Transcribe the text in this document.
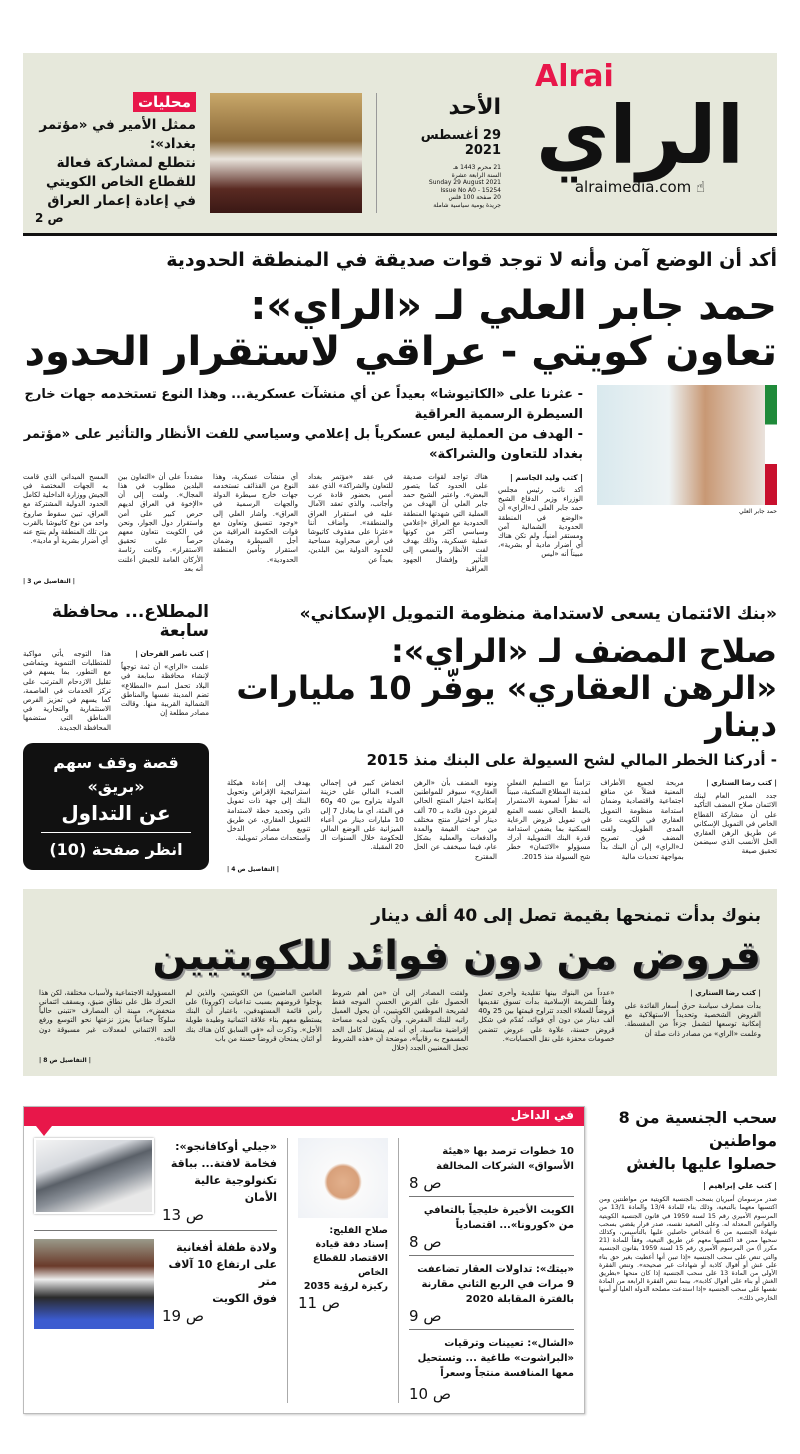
Alrai
الراي
alraimedia.com ☝
الأحد
29 أغسطس 2021
21 محرم 1443 هـ
السنة الرابعة عشرة
Sunday 29 August 2021
Issue No A0 - 15254
20 صفحة 100 فلس
جريدة يومية سياسية شاملة
محليات
ممثل الأمير في «مؤتمر بغداد»:
نتطلع لمشاركة فعالة
للقطاع الخاص الكويتي
في إعادة إعمار العراق
ص 2
أكد أن الوضع آمن وأنه لا توجد قوات صديقة في المنطقة الحدودية
حمد جابر العلي لـ «الراي»:
تعاون كويتي - عراقي لاستقرار الحدود
حمد جابر العلي
- عثرنا على «الكاتيوشا» بعيداً عن أي منشآت عسكرية... وهذا النوع تستخدمه جهات خارج السيطرة الرسمية العراقية
- الهدف من العملية ليس عسكرياً بل إعلامي وسياسي للفت الأنظار والتأثير على «مؤتمر بغداد للتعاون والشراكة»
| كتب وليد الجاسم |
أكد نائب رئيس مجلس الوزراء وزير الدفاع الشيخ حمد جابر العلي لـ«الراي» أن «الوضع في المنطقة الحدودية الشمالية آمن ومستقر أمنياً، ولم تكن هناك أي أضرار مادية أو بشرية»، مبيناً أنه «ليس
هناك تواجد لقوات صديقة على الحدود كما يتصور البعض». واعتبر الشيخ حمد جابر العلي أن الهدف من العملية التي شهدتها المنطقة الحدودية مع العراق «إعلامي وسياسي أكثر من كونها عملية عسكرية، وذلك بهدف لفت الأنظار والسعي إلى التأثير وإفشال الجهود العراقية
في عقد «مؤتمر بغداد للتعاون والشراكة» الذي عقد أمس بحضور قادة عرب وأجانب، والذي تعقد الآمال عليه في استقرار العراق والمنطقة». وأضاف أننا «عثرنا على مقذوف كاتيوشا في أرض صحراوية مساحية للحدود الدولية بين البلدين، بعيداً عن
أي منشآت عسكرية، وهذا النوع من القذائف تستخدمه جهات خارج سيطرة الدولة والجهات الرسمية في العراق». وأشار العلي إلى «وجود تنسيق وتعاون مع قوات الحكومة العراقية من أجل السيطرة وضمان استقرار وتأمين المنطقة الحدودية».
مشدداً على أن «التعاون بين البلدين مطلوب في هذا المجال». ولفت إلى أن «الإخوة في العراق لديهم حرص كبير على أمن واستقرار دول الجوار، ونحن في الكويت نتعاون معهم حرصاً على تحقيق الاستقرار». وكانت رئاسة الأركان العامة للجيش أعلنت أنه بعد
المسح الميداني الذي قامت به الجهات المختصة في الجيش ووزارة الداخلية لكامل الحدود الدولية المشتركة مع العراق، تبين سقوط صاروخ واحد من نوع كاتيوشا بالقرب من تلك المنطقة ولم ينتج عنه أي أضرار بشرية أو مادية».
| التفاصيل ص 3 |
«بنك الائتمان يسعى لاستدامة منظومة التمويل الإسكاني»
صلاح المضف لـ «الراي»:
«الرهن العقاري» يوفّر 10 مليارات دينار
- أدركنا الخطر المالي لشح السيولة على البنك منذ 2015
| كتب رضا السناري |
جدد المدير العام لبنك الائتمان صلاح المضف التأكيد على أن مشاركة القطاع الخاص في التمويل الإسكاني عن طريق الرهن العقاري الحل الأنسب الذي سيضمن تحقيق صيغة
مربحة لجميع الأطراف المعنية فضلاً عن منافع اجتماعية واقتصادية وضمان استدامة منظومة التمويل العقاري في الكويت على المدى الطويل. ولفت المضف في تصريح لـ«الراي» إلى أن البنك بدأ بمواجهة تحديات مالية
تزامناً مع التسليم الفعلي لمدينة المطلاع السكنية، مبيناً أنه نظراً لصعوبة الاستمرار بالنمط الحالي نفسه المتبع في تمويل قروض الرعاية السكنية بما يضمن استدامة قدرة البنك التمويلية أدرك مسؤولو «الائتمان» خطر شح السيولة منذ 2015.
ونوه المضف بأن «الرهن العقاري» سيوفر للمواطنين إمكانية اختيار المنتج الحالي لقرض دون فائدة بـ 70 ألف دينار أو اختيار منتج مختلف من حيث القيمة والمدة والدفعات والعملية بشكل عام، فيما سيخفف عن الحل المقترح
انخفاض كبير في إجمالي العبء المالي على خزينة الدولة يتراوح بين 40 و60 في المئة، أي ما يعادل 7 إلى 10 مليارات دينار من أعباء الميزانية على الوضع المالي للحكومة خلال السنوات الـ 20 المقبلة.
يهدف إلى إعادة هيكلة استراتيجية الإقراض وتحويل البنك إلى جهة ذات تمويل ذاتي وتحديد خطة لاستدامة التمويل العقاري، عن طريق تنويع مصادر الدخل واستحداث مصادر تمويلية.
| التفاصيل ص 4 |
المطلاع... محافظة سابعة
| كتب ناصر الفرحان |
علمت «الراي» أن ثمة توجهاً لإنشاء محافظة سابعة في البلاد تحمل اسم «المطلاع» تضم المدينة نفسها والمناطق الشمالية القريبة منها. وقالت مصادر مطلعة إن
هذا التوجه يأتي مواكبة للمتطلبات التنموية ويتماشى مع التطور، بما يسهم في تقليل الازدحام المترتب على تركز الخدمات في العاصمة، كما يسهم في تعزيز الفرص الاستثمارية والتجارية في المناطق التي ستضمها المحافظة الجديدة.
قصة وقف سهم «بريق»
عن التداول
انظر صفحة (10)
بنوك بدأت تمنحها بقيمة تصل إلى 40 ألف دينار
قروض من دون فوائد للكويتيين
| كتب رضا السناري |
بدأت مصارف سياسة حرق أسعار الفائدة على القروض الشخصية وتحديداً الاستهلاكية مع إمكانية توسعها لتشمل جزءاً من المقسطة. وعلمت «الراي» من مصادر ذات صلة أن
«عدداً من البنوك بينها تقليدية وأخرى تعمل وفقاً للشريعة الإسلامية بدأت تسوق تقديمها قروضاً للعملاء الجدد تتراوح قيمتها بين 25 و40 ألف دينار من دون أي فوائد، تُقدّم في شكل قروض حسنة، علاوة على عروض تتضمن خصومات محفزة على نقل الحسابات».
ولفتت المصادر إلى أن «من أهم شروط الحصول على القرض الحسن الموجه فقط لشريحة الموظفين الكويتيين، أن يحول العميل راتبه للبنك المقرض، وأن يكون لديه مساحة إقراضية مناسبة، أي أنه لم يستغل كامل الحد المسموح به رقابياً»، موضحة أن «هذه الشروط تجعل المعنيين الجدد (خلال
العامين الماضيين) من الكويتيين، والذين لم يؤجلوا قروضهم بسبب تداعيات (كورونا) على رأس قائمة المستهدفين، باعتبار أن البنك يستطيع معهم بناء علاقة ائتمانية وطيدة طويلة الأجل». وذكرت أنه «في السابق كان هناك بنك أو اثنان يمنحان قروضاً حسنة من باب
المسؤولية الاجتماعية ولأسباب مختلفة، لكن هذا التحرك ظل على نطاق ضيق، وبسقف ائتماني منخفض»، مبينة أن المصارف «تتبنى حالياً سلوكاً جماعياً يعزز نزعتها نحو التوسع ورفع الحد الائتماني لمعدلات غير مسبوقة دون فائدة».
| التفاصيل ص 8 |
سحب الجنسية من 8 مواطنين
حصلوا عليها بالغش
| كتب علي إبراهيم |
صدر مرسومان أميريان بسحب الجنسية الكويتية من مواطنتين ومن اكتسبها معهما بالتبعية، وذلك بناء للمادة 13/4 والمادة 13/1 من المرسوم الأميري رقم 15 لسنة 1959 في قانون الجنسية الكويتية والقوانين المعدلة له. وعلى الصعيد نفسه، صدر قرار يقضي بسحب شهادة الجنسية من 6 أشخاص حاصلين عليها بالتأسيس، وكذلك سحبها ممن قد اكتسبها معهم عن طريق التبعية، وفقاً للمادة (21 مكرر أ) من المرسوم الأميري رقم 15 لسنة 1959 بقانون الجنسية والتي تنص على سحب الجنسية «إذا تبين أنها أعطيت بغير حق بناء على غش أو أقوال كاذبة أو شهادات غير صحيحة». وتنص الفقرة الأولى من المادة 13 على سحب الجنسية إذا كان منحها «بطريق الغش أو بناء على أقوال كاذبة»، بينما تنص الفقرة الرابعة من المادة نفسها على سحب الجنسية «إذا استدعت مصلحة الدولة العليا أو أمنها الخارجي ذلك».
في الداخل
10 خطوات ترصد بها «هيئة الأسواق» الشركات المخالفة
ص 8
الكويت الأخيرة خليجياً بالتعافي من «كورونا»... اقتصادياً
ص 8
«بيتك»: تداولات العقار تضاعفت 9 مرات في الربع الثاني مقارنة بالفترة المقابلة 2020
ص 9
«الشال»: تعيينات وترقيات «البراشوت» طاغية ... وتستحيل معها المنافسة منتجاً وسعراً
ص 10
صلاح الفليج:
إسناد دفة قيادة
الاقتصاد للقطاع الخاص
ركيزة لرؤية 2035
ص 11
«جيلي أوكافانجو»:
فخامة لافتة... بباقة
تكنولوجية عالية الأمان
ص 13
ولادة طفلة أفغانية
على ارتفاع 10 آلاف متر
فوق الكويت
ص 19
